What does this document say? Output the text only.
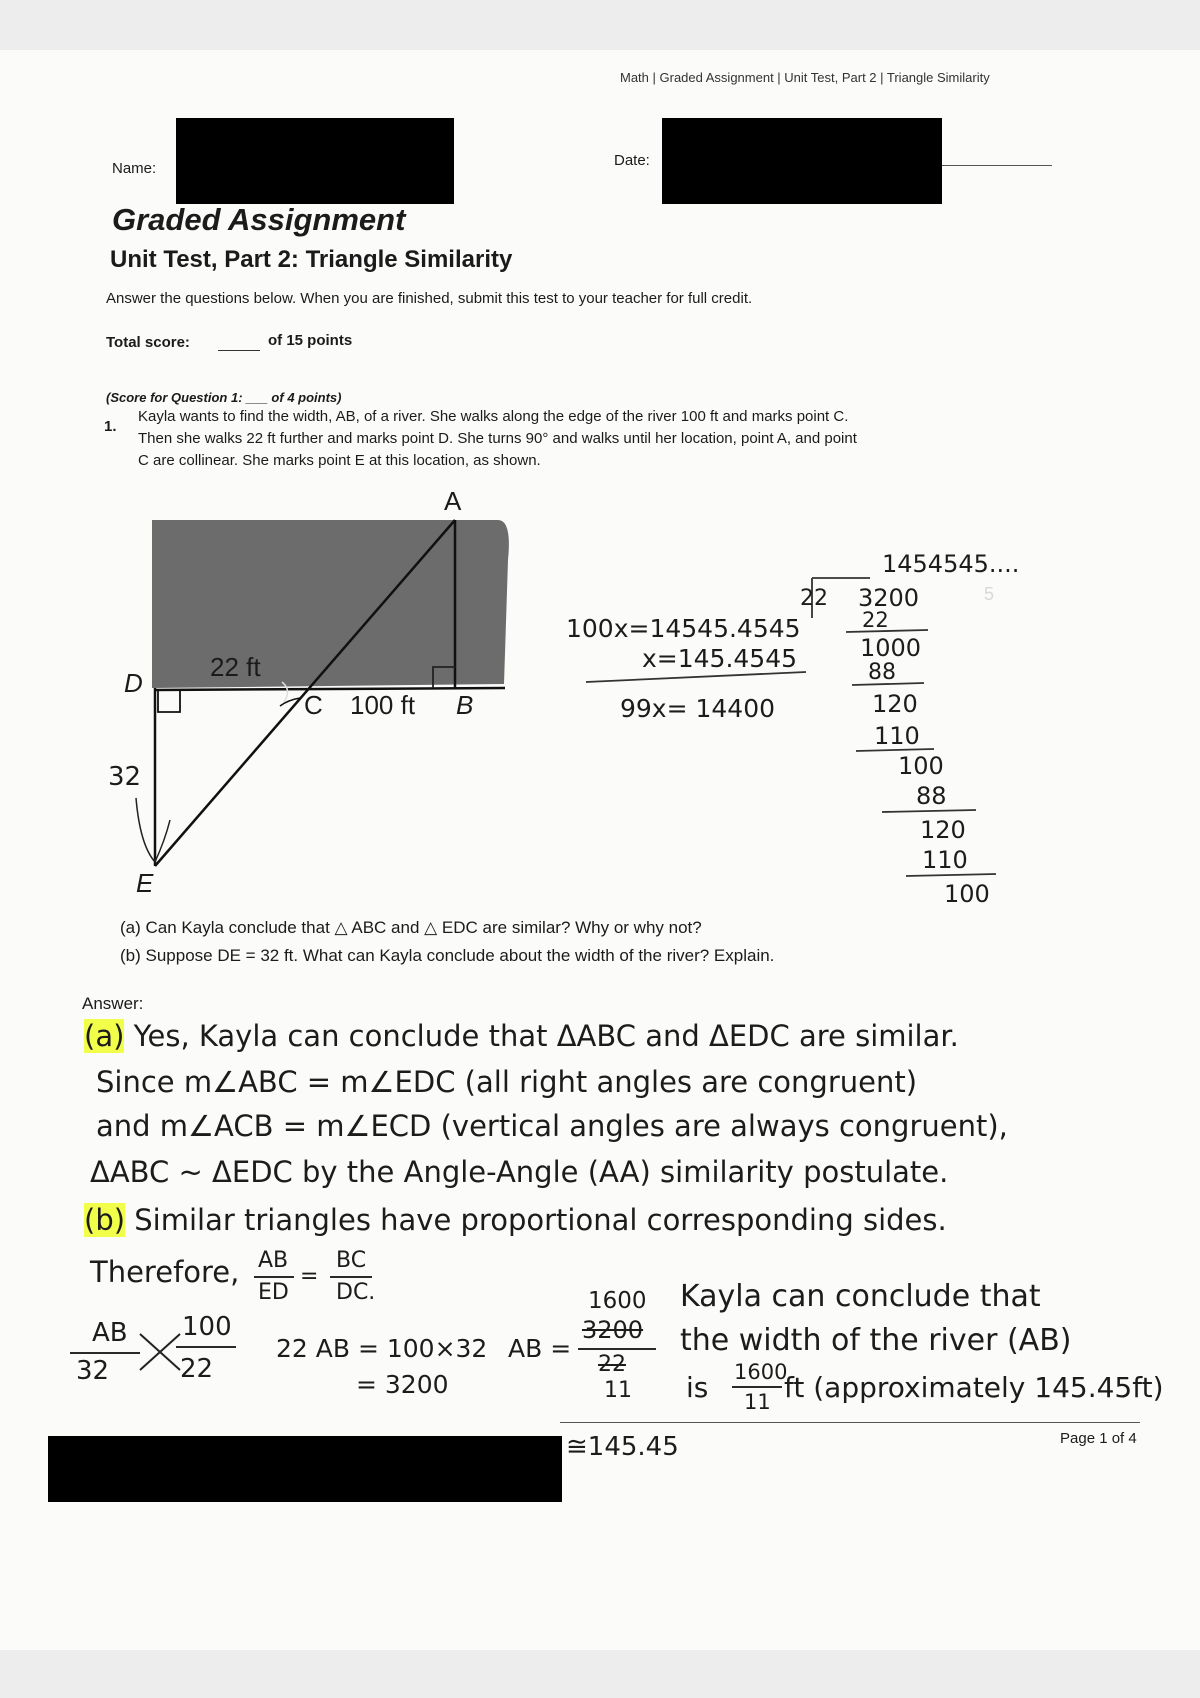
Math | Graded Assignment | Unit Test, Part 2 | Triangle Similarity
Name:	Date:
Graded Assignment
Unit Test, Part 2: Triangle Similarity
Answer the questions below. When you are finished, submit this test to your teacher for full credit.
Total score:	of 15 points
(Score for Question 1: ___ of 4 points)
1.
Kayla wants to find the width, AB, of a river. She walks along the edge of the river 100 ft and marks point C.
Then she walks 22 ft further and marks point D. She turns 90° and walks until her location, point A, and point
C are collinear. She marks point E at this location, as shown.
A
22 ft
D
C 100 ft B
32
E
100x=14545.4545
x=145.4545
99x= 14400
1454545....
22 3200
22
1000
88
120
110
100
88
120
110
100
5
(a) Can Kayla conclude that △ ABC and △ EDC are similar? Why or why not?
(b) Suppose DE = 32 ft. What can Kayla conclude about the width of the river? Explain.
Answer:
(a) Yes, Kayla can conclude that ΔABC and ΔEDC are similar.
Since m∠ABC = m∠EDC (all right angles are congruent)
and m∠ACB = m∠ECD (vertical angles are always congruent),
ΔABC ~ ΔEDC by the Angle-Angle (AA) similarity postulate.
(b) Similar triangles have proportional corresponding sides.
Therefore, AB
ED
=
BC
DC.
AB
32
100
22
22 AB = 100×32
= 3200
AB =
1600
3200
22
11
≅145.45
Kayla can conclude that
the width of the river (AB)
is 1600
11 ft (approximately 145.45ft)
Page 1 of 4
